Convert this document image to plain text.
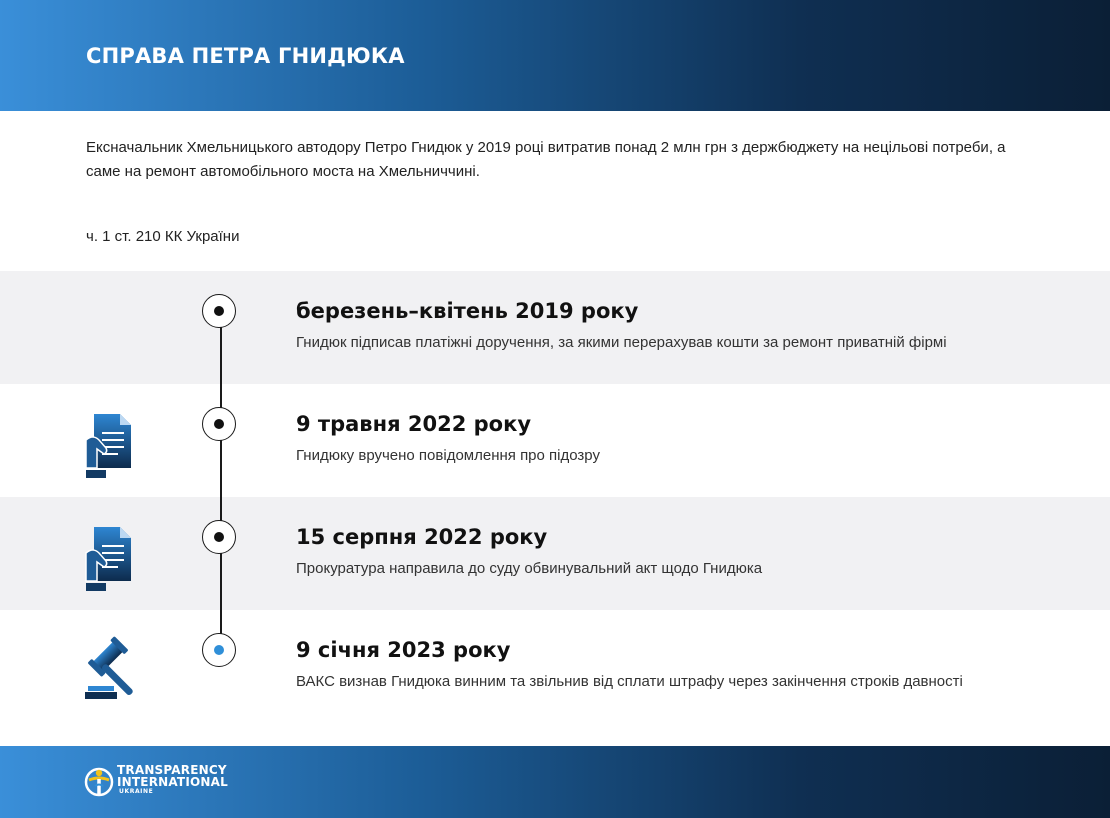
СПРАВА ПЕТРА ГНИДЮКА
Ексначальник Хмельницького автодору Петро Гнидюк у 2019 році витратив понад 2 млн грн з держбюджету на нецільові потреби, а саме на ремонт автомобільного моста на Хмельниччині.
ч. 1 ст. 210 КК України
березень–квітень 2019 року
Гнидюк підписав платіжні доручення, за якими перерахував кошти за ремонт приватній фірмі
9 травня 2022 року
Гнидюку вручено повідомлення про підозру
15 серпня 2022 року
Прокуратура направила до суду обвинувальний акт щодо Гнидюка
9 січня 2023 року
ВАКС визнав Гнидюка винним та звільнив від сплати штрафу через закінчення строків давності
TRANSPARENCY
INTERNATIONAL
UKRAINE
